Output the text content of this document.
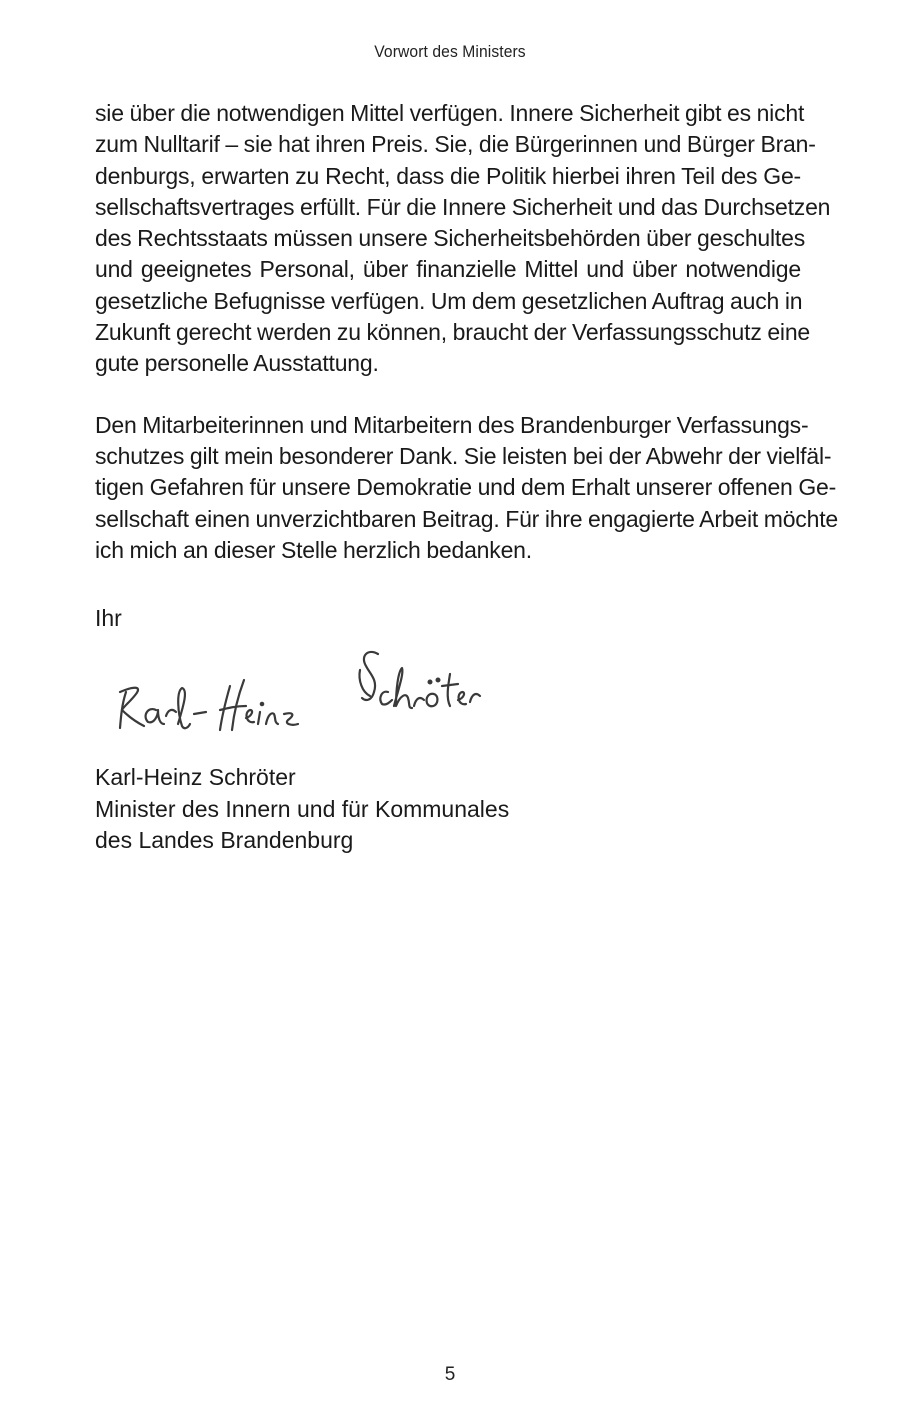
Vorwort des Ministers

sie über die notwendigen Mittel verfügen. Innere Sicherheit gibt es nicht
zum Nulltarif – sie hat ihren Preis. Sie, die Bürgerinnen und Bürger Bran-
denburgs, erwarten zu Recht, dass die Politik hierbei ihren Teil des Ge-
sellschaftsvertrages erfüllt. Für die Innere Sicherheit und das Durchsetzen
des Rechtsstaats müssen unsere Sicherheitsbehörden über geschultes
und geeignetes Personal, über finanzielle Mittel und über notwendige
gesetzliche Befugnisse verfügen. Um dem gesetzlichen Auftrag auch in
Zukunft gerecht werden zu können, braucht der Verfassungsschutz eine
gute personelle Ausstattung.

Den Mitarbeiterinnen und Mitarbeitern des Brandenburger Verfassungs-
schutzes gilt mein besonderer Dank. Sie leisten bei der Abwehr der vielfäl-
tigen Gefahren für unsere Demokratie und dem Erhalt unserer offenen Ge-
sellschaft einen unverzichtbaren Beitrag. Für ihre engagierte Arbeit möchte
ich mich an dieser Stelle herzlich bedanken.

Ihr

Karl-Heinz Schröter
Minister des Innern und für Kommunales
des Landes Brandenburg
5
